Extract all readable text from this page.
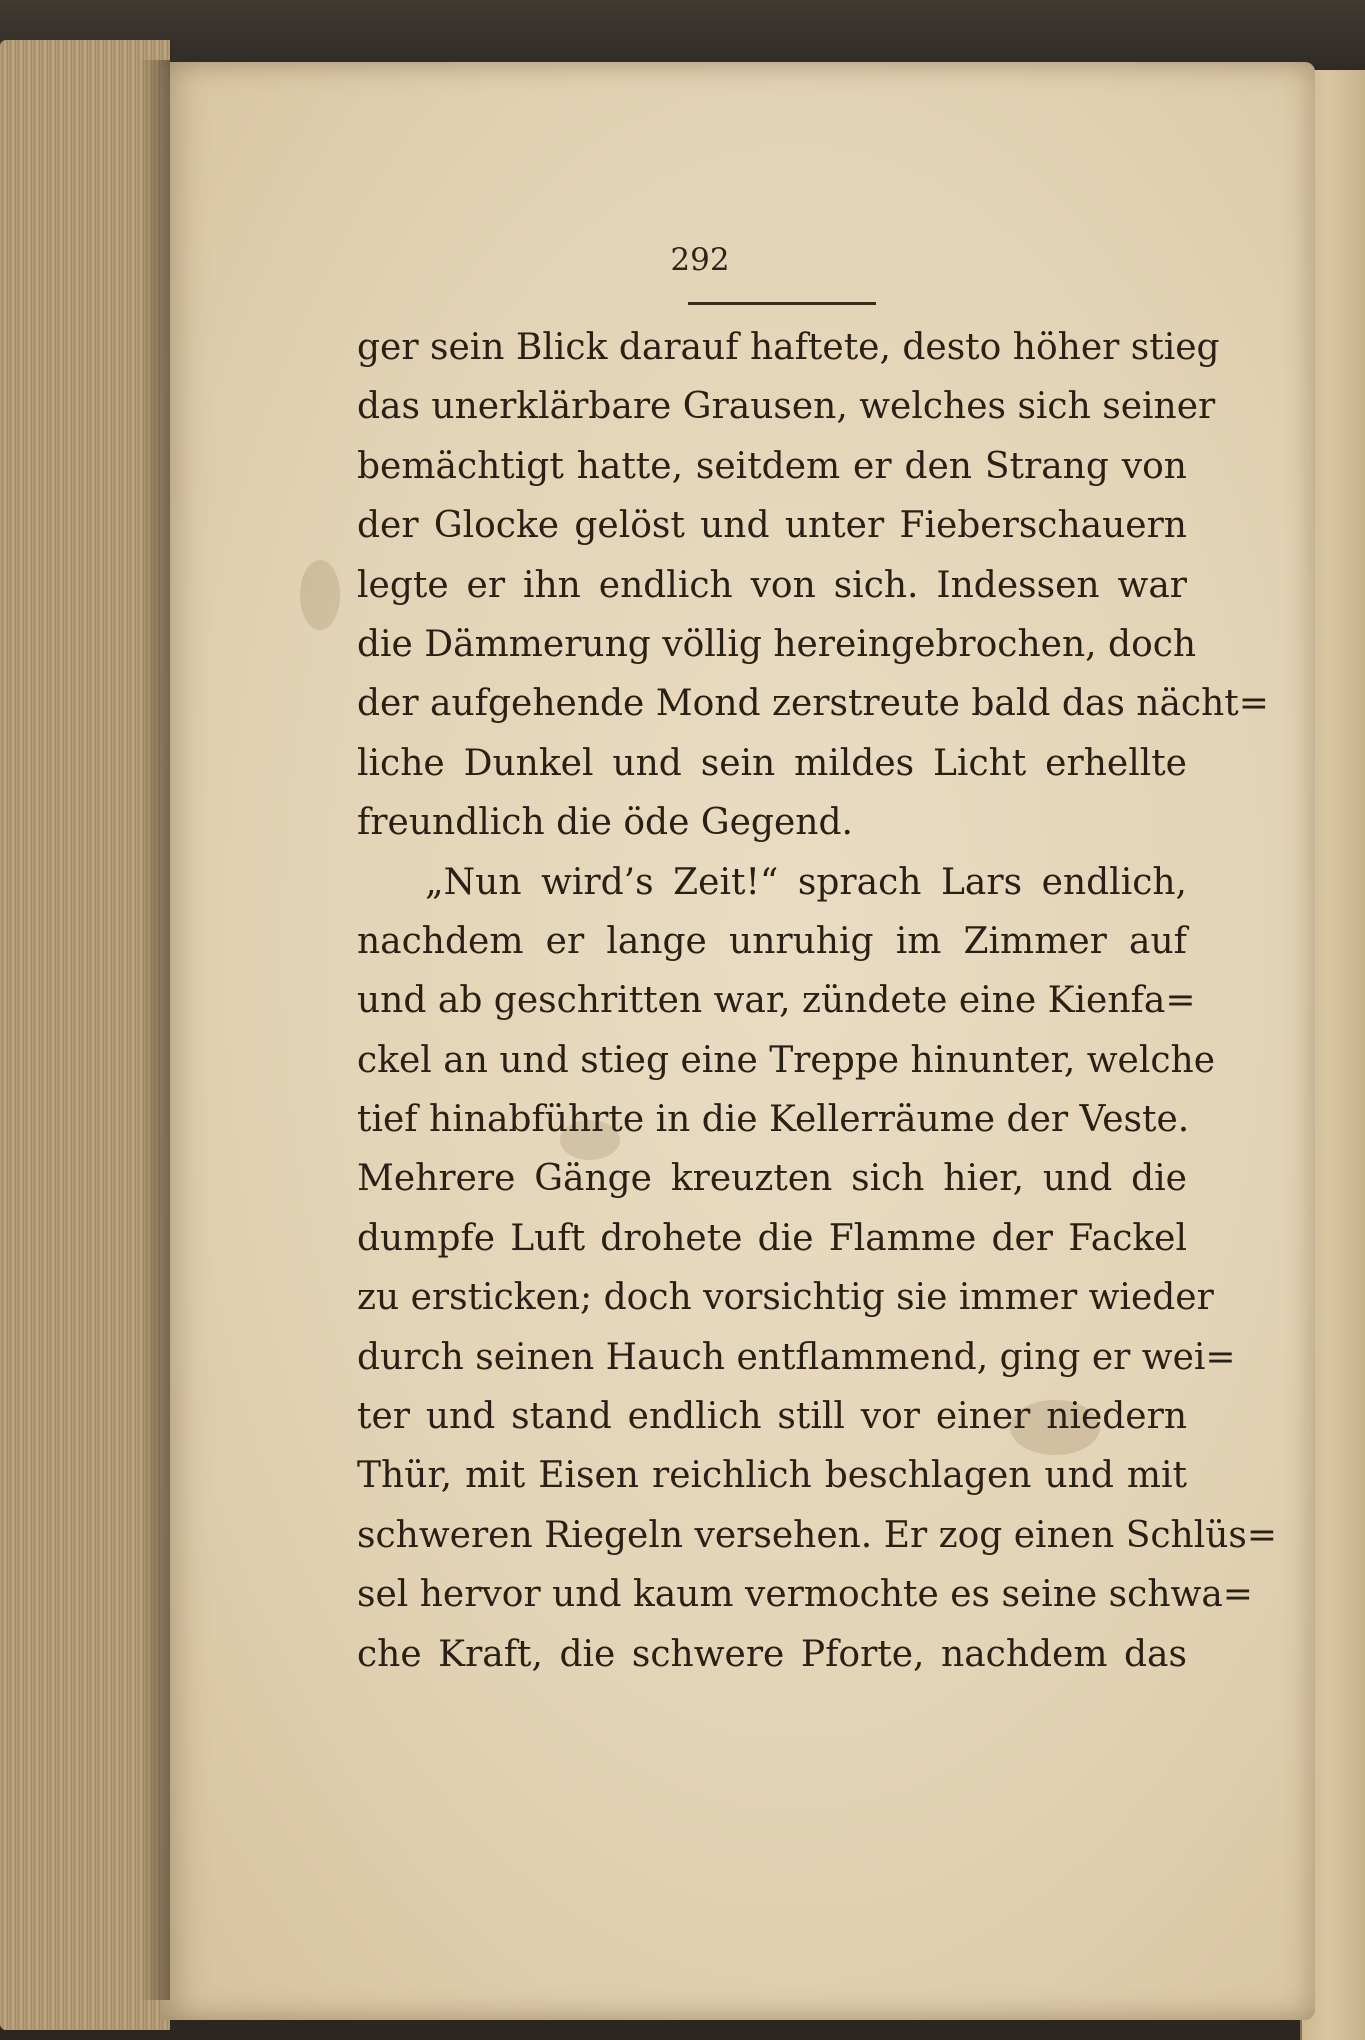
292
ger sein Blick darauf haftete, desto höher stieg
das unerklärbare Grausen, welches sich seiner
bemächtigt hatte, seitdem er den Strang von
der Glocke gelöst und unter Fieberschauern
legte er ihn endlich von sich. Indessen war
die Dämmerung völlig hereingebrochen, doch
der aufgehende Mond zerstreute bald das nächt=
liche Dunkel und sein mildes Licht erhellte
freundlich die öde Gegend.
„Nun wird’s Zeit!“ sprach Lars endlich,
nachdem er lange unruhig im Zimmer auf
und ab geschritten war, zündete eine Kienfa=
ckel an und stieg eine Treppe hinunter, welche
tief hinabführte in die Kellerräume der Veste.
Mehrere Gänge kreuzten sich hier, und die
dumpfe Luft drohete die Flamme der Fackel
zu ersticken; doch vorsichtig sie immer wieder
durch seinen Hauch entflammend, ging er wei=
ter und stand endlich still vor einer niedern
Thür, mit Eisen reichlich beschlagen und mit
schweren Riegeln versehen. Er zog einen Schlüs=
sel hervor und kaum vermochte es seine schwa=
che Kraft, die schwere Pforte, nachdem das
